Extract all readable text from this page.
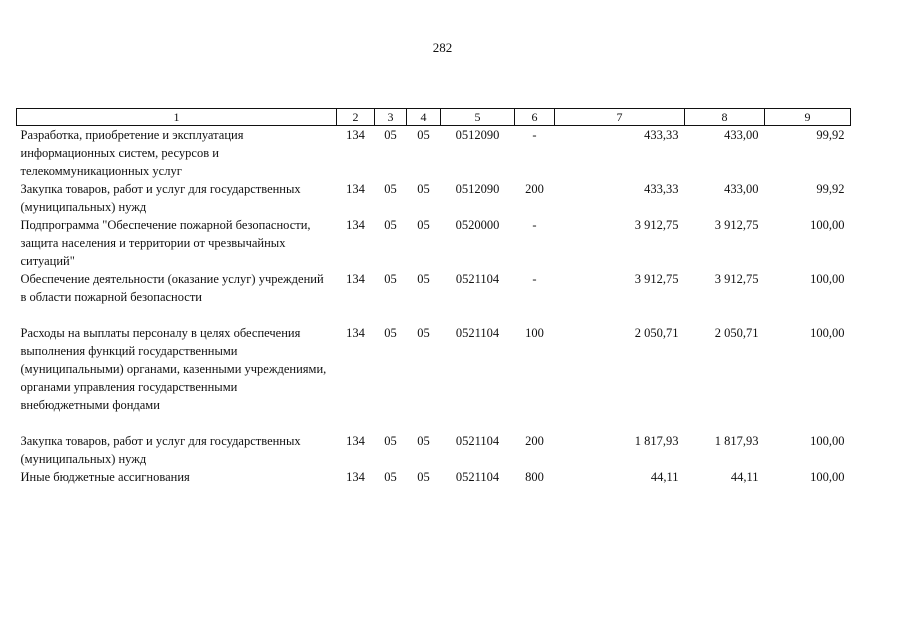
282
1	2	3	4	5	6	7	8	9
Разработка, приобретение и эксплуатация информационных систем, ресурсов и телекоммуникационных услуг	134	05	05	0512090	-	433,33	433,00	99,92
Закупка товаров, работ и услуг для государственных (муниципальных) нужд	134	05	05	0512090	200	433,33	433,00	99,92
Подпрограмма "Обеспечение пожарной безопасности, защита населения и территории от чрезвычайных ситуаций"	134	05	05	0520000	-	3 912,75	3 912,75	100,00
Обеспечение деятельности (оказание услуг) учреждений в области пожарной безопасности	134	05	05	0521104	-	3 912,75	3 912,75	100,00

Расходы на выплаты персоналу в целях обеспечения выполнения функций государственными (муниципальными) органами, казенными учреждениями, органами управления государственными внебюджетными фондами	134	05	05	0521104	100	2 050,71	2 050,71	100,00

Закупка товаров, работ и услуг для государственных (муниципальных) нужд	134	05	05	0521104	200	1 817,93	1 817,93	100,00
Иные бюджетные ассигнования	134	05	05	0521104	800	44,11	44,11	100,00
